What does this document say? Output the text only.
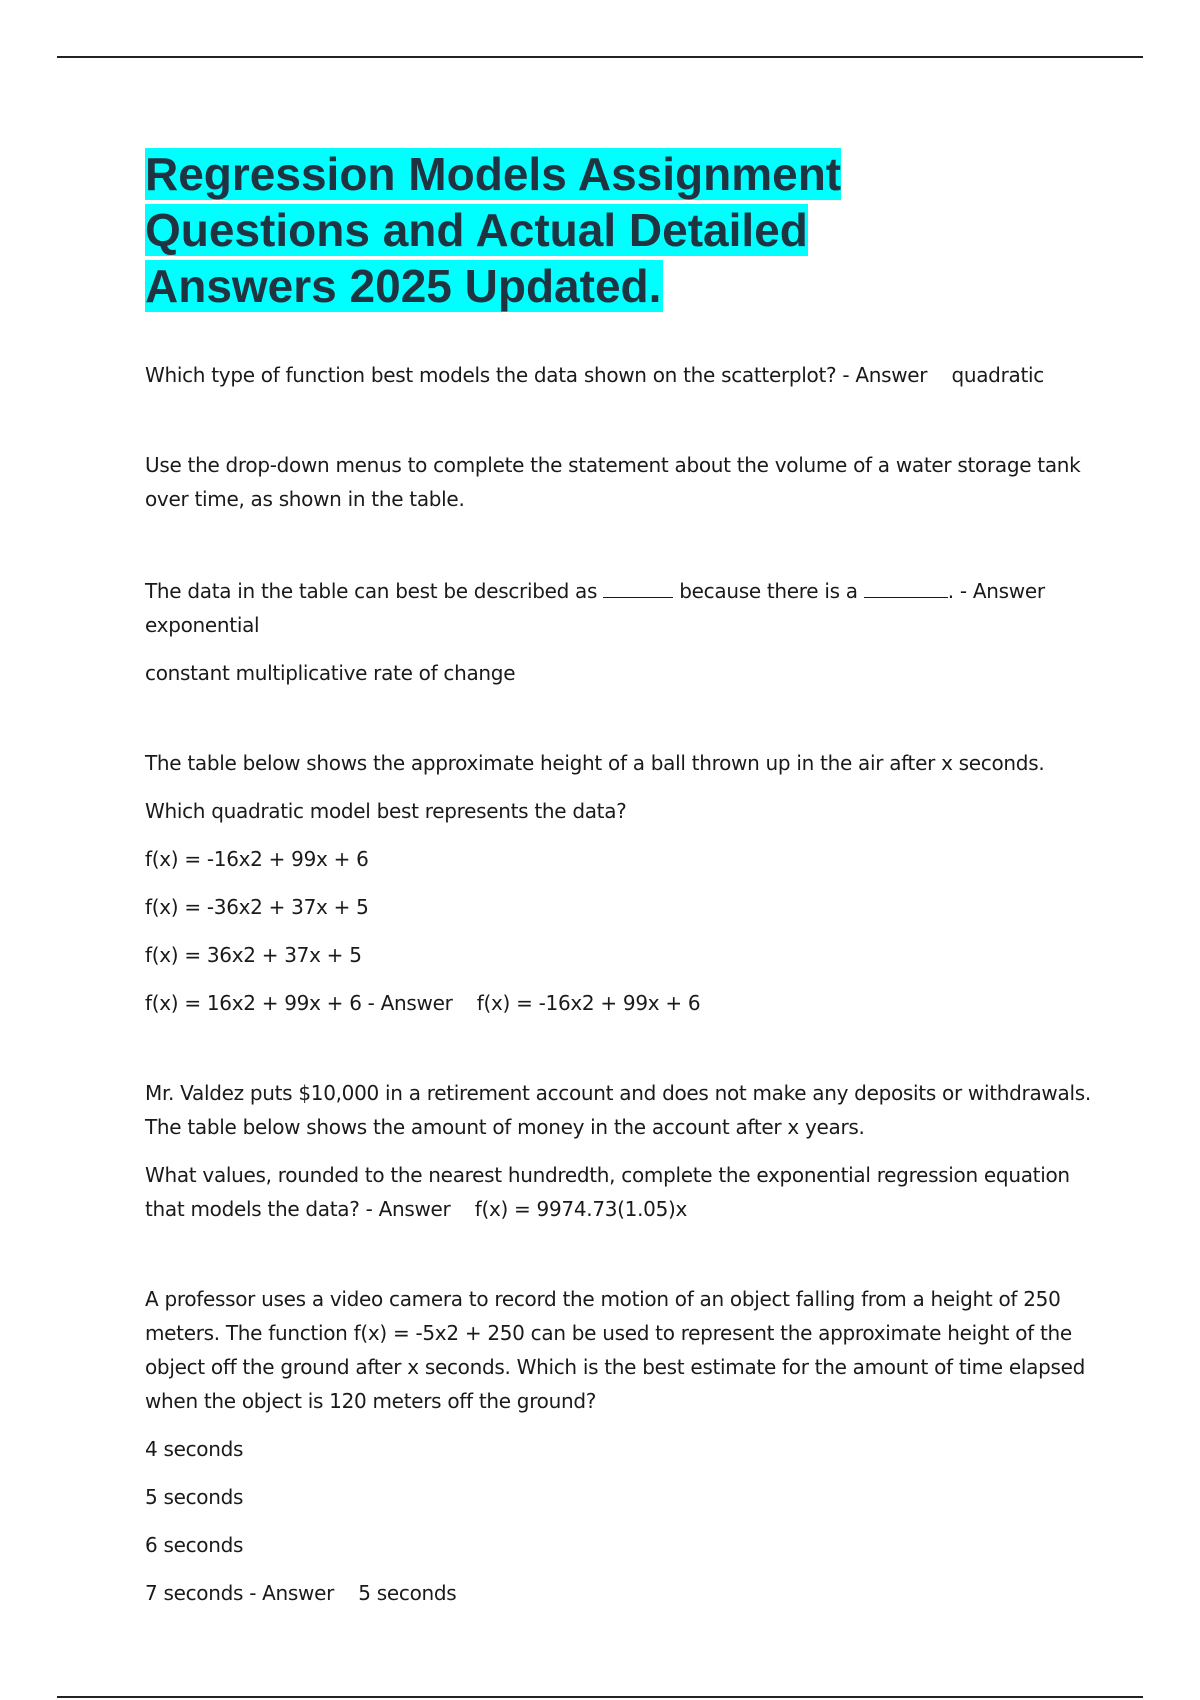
Regression Models Assignment Questions and Actual Detailed Answers 2025 Updated.

Which type of function best models the data shown on the scatterplot? - Answer quadratic

Use the drop-down menus to complete the statement about the volume of a water storage tank over time, as shown in the table.

The data in the table can best be described as	because there is a	. - Answer exponential

constant multiplicative rate of change

The table below shows the approximate height of a ball thrown up in the air after x seconds.

Which quadratic model best represents the data?

f(x) = -16x2 + 99x + 6

f(x) = -36x2 + 37x + 5

f(x) = 36x2 + 37x + 5

f(x) = 16x2 + 99x + 6 - Answer f(x) = -16x2 + 99x + 6

Mr. Valdez puts $10,000 in a retirement account and does not make any deposits or withdrawals. The table below shows the amount of money in the account after x years.

What values, rounded to the nearest hundredth, complete the exponential regression equation that models the data? - Answer f(x) = 9974.73(1.05)x

A professor uses a video camera to record the motion of an object falling from a height of 250 meters. The function f(x) = -5x2 + 250 can be used to represent the approximate height of the object off the ground after x seconds. Which is the best estimate for the amount of time elapsed when the object is 120 meters off the ground?

4 seconds

5 seconds

6 seconds

7 seconds - Answer 5 seconds
